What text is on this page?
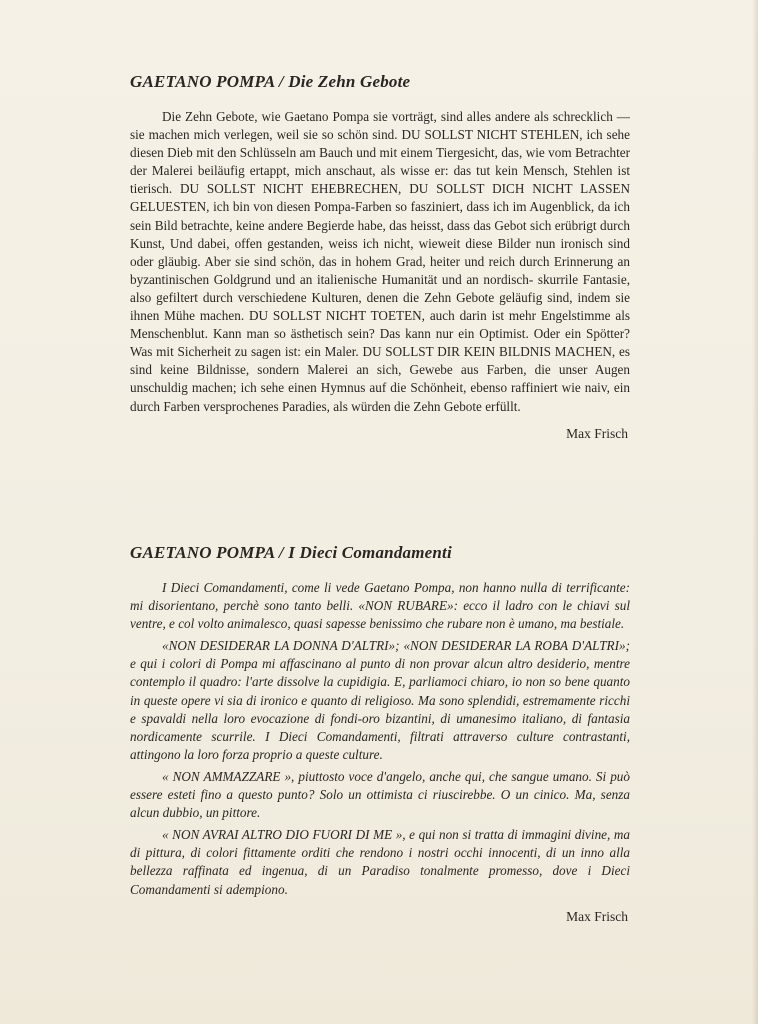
GAETANO POMPA / Die Zehn Gebote

Die Zehn Gebote, wie Gaetano Pompa sie vorträgt, sind alles andere als schrecklich — sie machen mich verlegen, weil sie so schön sind. DU SOLLST NICHT STEHLEN, ich sehe diesen Dieb mit den Schlüsseln am Bauch und mit einem Tiergesicht, das, wie vom Betrachter der Malerei beiläufig ertappt, mich anschaut, als wisse er: das tut kein Mensch, Stehlen ist tierisch. DU SOLLST NICHT EHEBRECHEN, DU SOLLST DICH NICHT LASSEN GELUESTEN, ich bin von diesen Pompa-Farben so fasziniert, dass ich im Augenblick, da ich sein Bild betrachte, keine andere Begierde habe, das heisst, dass das Gebot sich erübrigt durch Kunst, Und dabei, offen gestanden, weiss ich nicht, wieweit diese Bilder nun ironisch sind oder gläubig. Aber sie sind schön, das in hohem Grad, heiter und reich durch Erinnerung an byzantinischen Goldgrund und an italienische Humanität und an nordisch- skurrile Fantasie, also gefiltert durch verschiedene Kulturen, denen die Zehn Gebote geläufig sind, indem sie ihnen Mühe machen. DU SOLLST NICHT TOETEN, auch darin ist mehr Engelstimme als Menschenblut. Kann man so ästhetisch sein? Das kann nur ein Optimist. Oder ein Spötter? Was mit Sicherheit zu sagen ist: ein Maler. DU SOLLST DIR KEIN BILDNIS MACHEN, es sind keine Bildnisse, sondern Malerei an sich, Gewebe aus Farben, die unser Augen unschuldig machen; ich sehe einen Hymnus auf die Schönheit, ebenso raffiniert wie naiv, ein durch Farben versprochenes Paradies, als würden die Zehn Gebote erfüllt.

Max Frisch
GAETANO POMPA / I Dieci Comandamenti

I Dieci Comandamenti, come li vede Gaetano Pompa, non hanno nulla di terrificante: mi disorientano, perchè sono tanto belli. «NON RUBARE»: ecco il ladro con le chiavi sul ventre, e col volto animalesco, quasi sapesse benissimo che rubare non è umano, ma bestiale.

«NON DESIDERAR LA DONNA D'ALTRI»; «NON DESIDERAR LA ROBA D'ALTRI»; e qui i colori di Pompa mi affascinano al punto di non provar alcun altro desiderio, mentre contemplo il quadro: l'arte dissolve la cupidigia. E, parliamoci chiaro, io non so bene quanto in queste opere vi sia di ironico e quanto di religioso. Ma sono splendidi, estremamente ricchi e spavaldi nella loro evocazione di fondi-oro bizantini, di umanesimo italiano, di fantasia nordicamente scurrile. I Dieci Comandamenti, filtrati attraverso culture contrastanti, attingono la loro forza proprio a queste culture.

« NON AMMAZZARE », piuttosto voce d'angelo, anche qui, che sangue umano. Si può essere esteti fino a questo punto? Solo un ottimista ci riuscirebbe. O un cinico. Ma, senza alcun dubbio, un pittore.

« NON AVRAI ALTRO DIO FUORI DI ME », e qui non si tratta di immagini divine, ma di pittura, di colori fittamente orditi che rendono i nostri occhi innocenti, di un inno alla bellezza raffinata ed ingenua, di un Paradiso tonalmente promesso, dove i Dieci Comandamenti si adempiono.

Max Frisch
